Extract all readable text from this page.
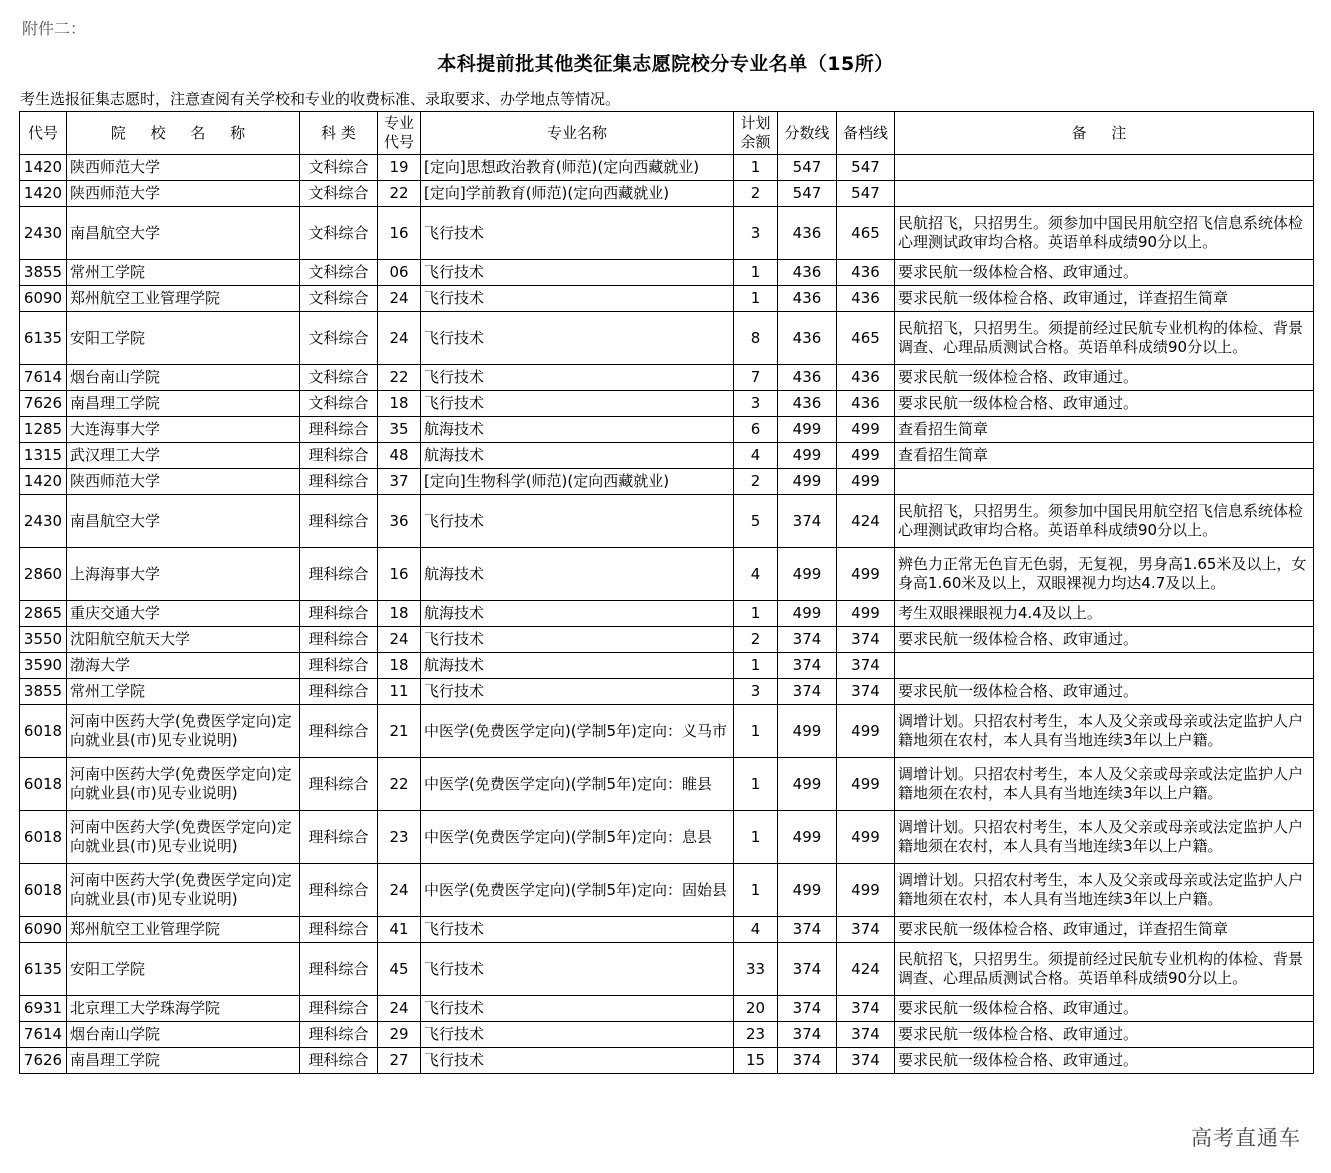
附件二：
本科提前批其他类征集志愿院校分专业名单（15所）
考生选报征集志愿时，注意查阅有关学校和专业的收费标准、录取要求、办学地点等情况。
代号	院 校 名 称	科 类	专业代号	专业名称	计划余额	分数线	备档线	备 注
1420	陕西师范大学	文科综合	19	[定向]思想政治教育(师范)(定向西藏就业)	1	547	547	
1420	陕西师范大学	文科综合	22	[定向]学前教育(师范)(定向西藏就业)	2	547	547	
2430	南昌航空大学	文科综合	16	飞行技术	3	436	465	民航招飞，只招男生。须参加中国民用航空招飞信息系统体检心理测试政审均合格。英语单科成绩90分以上。
3855	常州工学院	文科综合	06	飞行技术	1	436	436	要求民航一级体检合格、政审通过。
6090	郑州航空工业管理学院	文科综合	24	飞行技术	1	436	436	要求民航一级体检合格、政审通过，详查招生简章
6135	安阳工学院	文科综合	24	飞行技术	8	436	465	民航招飞，只招男生。须提前经过民航专业机构的体检、背景调查、心理品质测试合格。英语单科成绩90分以上。
7614	烟台南山学院	文科综合	22	飞行技术	7	436	436	要求民航一级体检合格、政审通过。
7626	南昌理工学院	文科综合	18	飞行技术	3	436	436	要求民航一级体检合格、政审通过。
1285	大连海事大学	理科综合	35	航海技术	6	499	499	查看招生简章
1315	武汉理工大学	理科综合	48	航海技术	4	499	499	查看招生简章
1420	陕西师范大学	理科综合	37	[定向]生物科学(师范)(定向西藏就业)	2	499	499	
2430	南昌航空大学	理科综合	36	飞行技术	5	374	424	民航招飞，只招男生。须参加中国民用航空招飞信息系统体检心理测试政审均合格。英语单科成绩90分以上。
2860	上海海事大学	理科综合	16	航海技术	4	499	499	辨色力正常无色盲无色弱，无复视，男身高1.65米及以上，女身高1.60米及以上，双眼裸视力均达4.7及以上。
2865	重庆交通大学	理科综合	18	航海技术	1	499	499	考生双眼裸眼视力4.4及以上。
3550	沈阳航空航天大学	理科综合	24	飞行技术	2	374	374	要求民航一级体检合格、政审通过。
3590	渤海大学	理科综合	18	航海技术	1	374	374	
3855	常州工学院	理科综合	11	飞行技术	3	374	374	要求民航一级体检合格、政审通过。
6018	河南中医药大学(免费医学定向)定向就业县(市)见专业说明)	理科综合	21	中医学(免费医学定向)(学制5年)定向：义马市	1	499	499	调增计划。只招农村考生，本人及父亲或母亲或法定监护人户籍地须在农村，本人具有当地连续3年以上户籍。
6018	河南中医药大学(免费医学定向)定向就业县(市)见专业说明)	理科综合	22	中医学(免费医学定向)(学制5年)定向：睢县	1	499	499	调增计划。只招农村考生，本人及父亲或母亲或法定监护人户籍地须在农村，本人具有当地连续3年以上户籍。
6018	河南中医药大学(免费医学定向)定向就业县(市)见专业说明)	理科综合	23	中医学(免费医学定向)(学制5年)定向：息县	1	499	499	调增计划。只招农村考生，本人及父亲或母亲或法定监护人户籍地须在农村，本人具有当地连续3年以上户籍。
6018	河南中医药大学(免费医学定向)定向就业县(市)见专业说明)	理科综合	24	中医学(免费医学定向)(学制5年)定向：固始县	1	499	499	调增计划。只招农村考生，本人及父亲或母亲或法定监护人户籍地须在农村，本人具有当地连续3年以上户籍。
6090	郑州航空工业管理学院	理科综合	41	飞行技术	4	374	374	要求民航一级体检合格、政审通过，详查招生简章
6135	安阳工学院	理科综合	45	飞行技术	33	374	424	民航招飞，只招男生。须提前经过民航专业机构的体检、背景调查、心理品质测试合格。英语单科成绩90分以上。
6931	北京理工大学珠海学院	理科综合	24	飞行技术	20	374	374	要求民航一级体检合格、政审通过。
7614	烟台南山学院	理科综合	29	飞行技术	23	374	374	要求民航一级体检合格、政审通过。
7626	南昌理工学院	理科综合	27	飞行技术	15	374	374	要求民航一级体检合格、政审通过。
高考直通车
